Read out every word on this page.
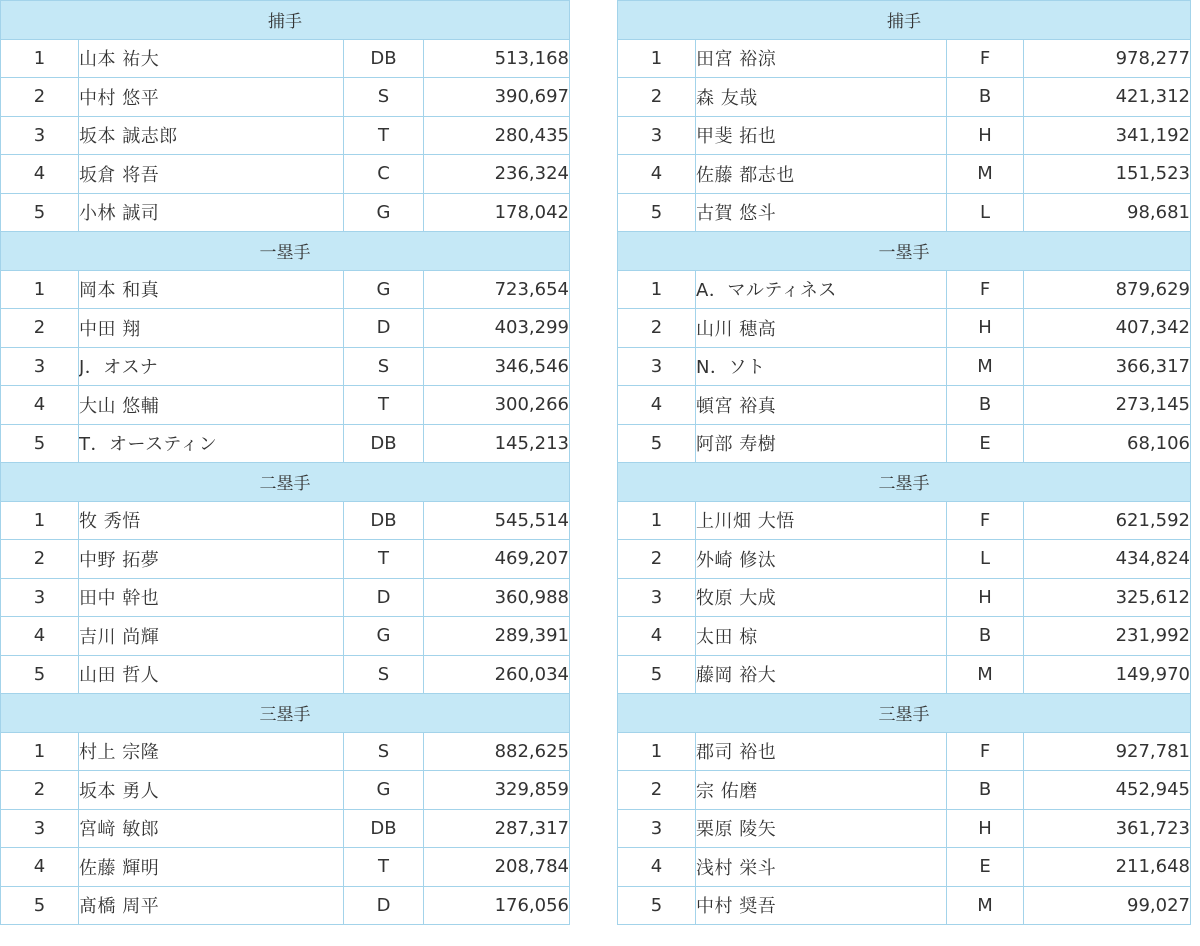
捕手			
1	山本 祐大	DB	513,168
2	中村 悠平	S	390,697
3	坂本 誠志郎	T	280,435
4	坂倉 将吾	C	236,324
5	小林 誠司	G	178,042
一塁手			
1	岡本 和真	G	723,654
2	中田 翔	D	403,299
3	J．オスナ	S	346,546
4	大山 悠輔	T	300,266
5	T．オースティン	DB	145,213
二塁手			
1	牧 秀悟	DB	545,514
2	中野 拓夢	T	469,207
3	田中 幹也	D	360,988
4	吉川 尚輝	G	289,391
5	山田 哲人	S	260,034
三塁手			
1	村上 宗隆	S	882,625
2	坂本 勇人	G	329,859
3	宮﨑 敏郎	DB	287,317
4	佐藤 輝明	T	208,784
5	髙橋 周平	D	176,056
捕手			
1	田宮 裕涼	F	978,277
2	森 友哉	B	421,312
3	甲斐 拓也	H	341,192
4	佐藤 都志也	M	151,523
5	古賀 悠斗	L	98,681
一塁手			
1	A．マルティネス	F	879,629
2	山川 穂高	H	407,342
3	N．ソト	M	366,317
4	頓宮 裕真	B	273,145
5	阿部 寿樹	E	68,106
二塁手			
1	上川畑 大悟	F	621,592
2	外崎 修汰	L	434,824
3	牧原 大成	H	325,612
4	太田 椋	B	231,992
5	藤岡 裕大	M	149,970
三塁手			
1	郡司 裕也	F	927,781
2	宗 佑磨	B	452,945
3	栗原 陵矢	H	361,723
4	浅村 栄斗	E	211,648
5	中村 奨吾	M	99,027
